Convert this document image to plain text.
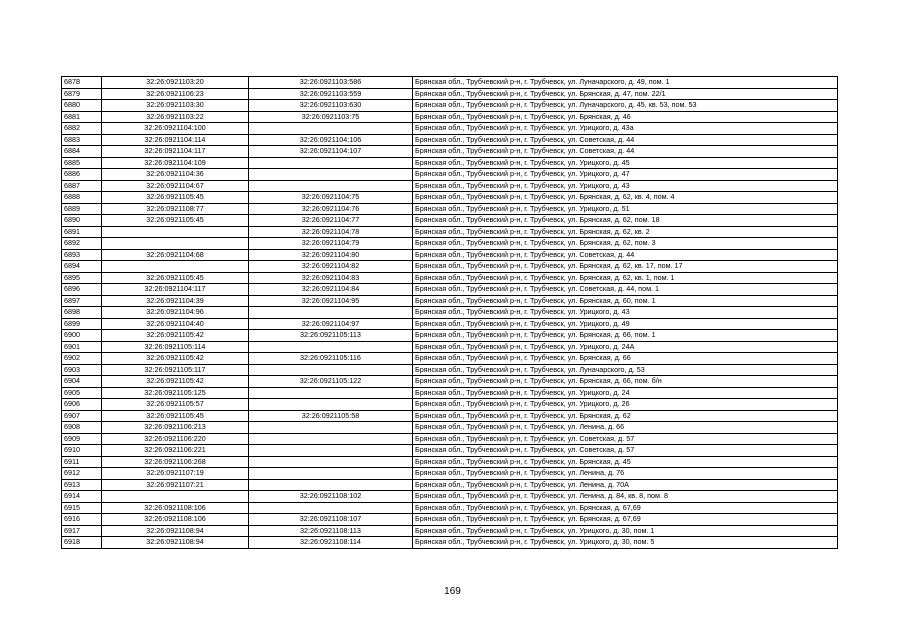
6878	32:26:0921103:20	32:26:0921103:586	Брянская обл., Трубчевский р-н, г. Трубчевск, ул. Луначарского, д. 49, пом. 1
6879	32:26:0921106:23	32:26:0921103:559	Брянская обл., Трубчевский р-н, г. Трубчевск, ул. Брянская, д. 47, пом. 22/1
6880	32:26:0921103:30	32:26:0921103:630	Брянская обл., Трубчевский р-н, г. Трубчевск, ул. Луначарского, д. 45, кв. 53, пом. 53
6881	32:26:0921103:22	32:26:0921103:75	Брянская обл., Трубчевский р-н, г. Трубчевск, ул. Брянская, д. 46
6882	32:26:0921104:100		Брянская обл., Трубчевский р-н, г. Трубчевск, ул. Урицкого, д. 43а
6883	32:26:0921104:114	32:26:0921104:106	Брянская обл., Трубчевский р-н, г. Трубчевск, ул. Советская, д. 44
6884	32:26:0921104:117	32:26:0921104:107	Брянская обл., Трубчевский р-н, г. Трубчевск, ул. Советская, д. 44
6885	32:26:0921104:109		Брянская обл., Трубчевский р-н, г. Трубчевск, ул. Урицкого, д. 45
6886	32:26:0921104:36		Брянская обл., Трубчевский р-н, г. Трубчевск, ул. Урицкого, д. 47
6887	32:26:0921104:67		Брянская обл., Трубчевский р-н, г. Трубчевск, ул. Урицкого, д. 43
6888	32:26:0921105:45	32:26:0921104:75	Брянская обл., Трубчевский р-н, г. Трубчевск, ул. Брянская, д. 62, кв. 4, пом. 4
6889	32:26:0921108:77	32:26:0921104:76	Брянская обл., Трубчевский р-н, г. Трубчевск, ул. Урицкого, д. 51
6890	32:26:0921105:45	32:26:0921104:77	Брянская обл., Трубчевский р-н, г. Трубчевск, ул. Брянская, д. 62, пом. 18
6891		32:26:0921104:78	Брянская обл., Трубчевский р-н, г. Трубчевск, ул. Брянская, д. 62, кв. 2
6892		32:26:0921104:79	Брянская обл., Трубчевский р-н, г. Трубчевск, ул. Брянская, д. 62, пом. 3
6893	32:26:0921104:68	32:26:0921104:80	Брянская обл., Трубчевский р-н, г. Трубчевск, ул. Советская, д. 44
6894		32:26:0921104:82	Брянская обл., Трубчевский р-н, г. Трубчевск, ул. Брянская, д. 62, кв. 17, пом. 17
6895	32:26:0921105:45	32:26:0921104:83	Брянская обл., Трубчевский р-н, г. Трубчевск, ул. Брянская, д. 62, кв. 1, пом. 1
6896	32:26:0921104:117	32:26:0921104:84	Брянская обл., Трубчевский р-н, г. Трубчевск, ул. Советская, д. 44, пом. 1
6897	32:26:0921104:39	32:26:0921104:95	Брянская обл., Трубчевский р-н, г. Трубчевск, ул. Брянская, д. 60, пом. 1
6898	32:26:0921104:96		Брянская обл., Трубчевский р-н, г. Трубчевск, ул. Урицкого, д. 43
6899	32:26:0921104:40	32:26:0921104:97	Брянская обл., Трубчевский р-н, г. Трубчевск, ул. Урицкого, д. 49
6900	32:26:0921105:42	32:26:0921105:113	Брянская обл., Трубчевский р-н, г. Трубчевск, ул. Брянская, д. 66, пом. 1
6901	32:26:0921105:114		Брянская обл., Трубчевский р-н, г. Трубчевск, ул. Урицкого, д. 24А
6902	32:26:0921105:42	32:26:0921105:116	Брянская обл., Трубчевский р-н, г. Трубчевск, ул. Брянская, д. 66
6903	32:26:0921105:117		Брянская обл., Трубчевский р-н, г. Трубчевск, ул. Луначарского, д. 53
6904	32:26:0921105:42	32:26:0921105:122	Брянская обл., Трубчевский р-н, г. Трубчевск, ул. Брянская, д. 66, пом. б/н
6905	32:26:0921105:125		Брянская обл., Трубчевский р-н, г. Трубчевск, ул. Урицкого, д. 24
6906	32:26:0921105:57		Брянская обл., Трубчевский р-н, г. Трубчевск, ул. Урицкого, д. 26
6907	32:26:0921105:45	32:26:0921105:58	Брянская обл., Трубчевский р-н, г. Трубчевск, ул. Брянская, д. 62
6908	32:26:0921106:213		Брянская обл., Трубчевский р-н, г. Трубчевск, ул. Ленина, д. 66
6909	32:26:0921106:220		Брянская обл., Трубчевский р-н, г. Трубчевск, ул. Советская, д. 57
6910	32:26:0921106:221		Брянская обл., Трубчевский р-н, г. Трубчевск, ул. Советская, д. 57
6911	32:26:0921106:268		Брянская обл., Трубчевский р-н, г. Трубчевск, ул. Брянская, д. 45
6912	32:26:0921107:19		Брянская обл., Трубчевский р-н, г. Трубчевск, ул. Ленина, д. 76
6913	32:26:0921107:21		Брянская обл., Трубчевский р-н, г. Трубчевск, ул. Ленина, д. 70А
6914		32:26:0921108:102	Брянская обл., Трубчевский р-н, г. Трубчевск, ул. Ленина, д. 84, кв. 8, пом. 8
6915	32:26:0921108:106		Брянская обл., Трубчевский р-н, г. Трубчевск, ул. Брянская, д. 67,69
6916	32:26:0921108:106	32:26:0921108:107	Брянская обл., Трубчевский р-н, г. Трубчевск, ул. Брянская, д. 67,69
6917	32:26:0921108:94	32:26:0921108:113	Брянская обл., Трубчевский р-н, г. Трубчевск, ул. Урицкого, д. 30, пом. 1
6918	32:26:0921108:94	32:26:0921108:114	Брянская обл., Трубчевский р-н, г. Трубчевск, ул. Урицкого, д. 30, пом. 5
169
